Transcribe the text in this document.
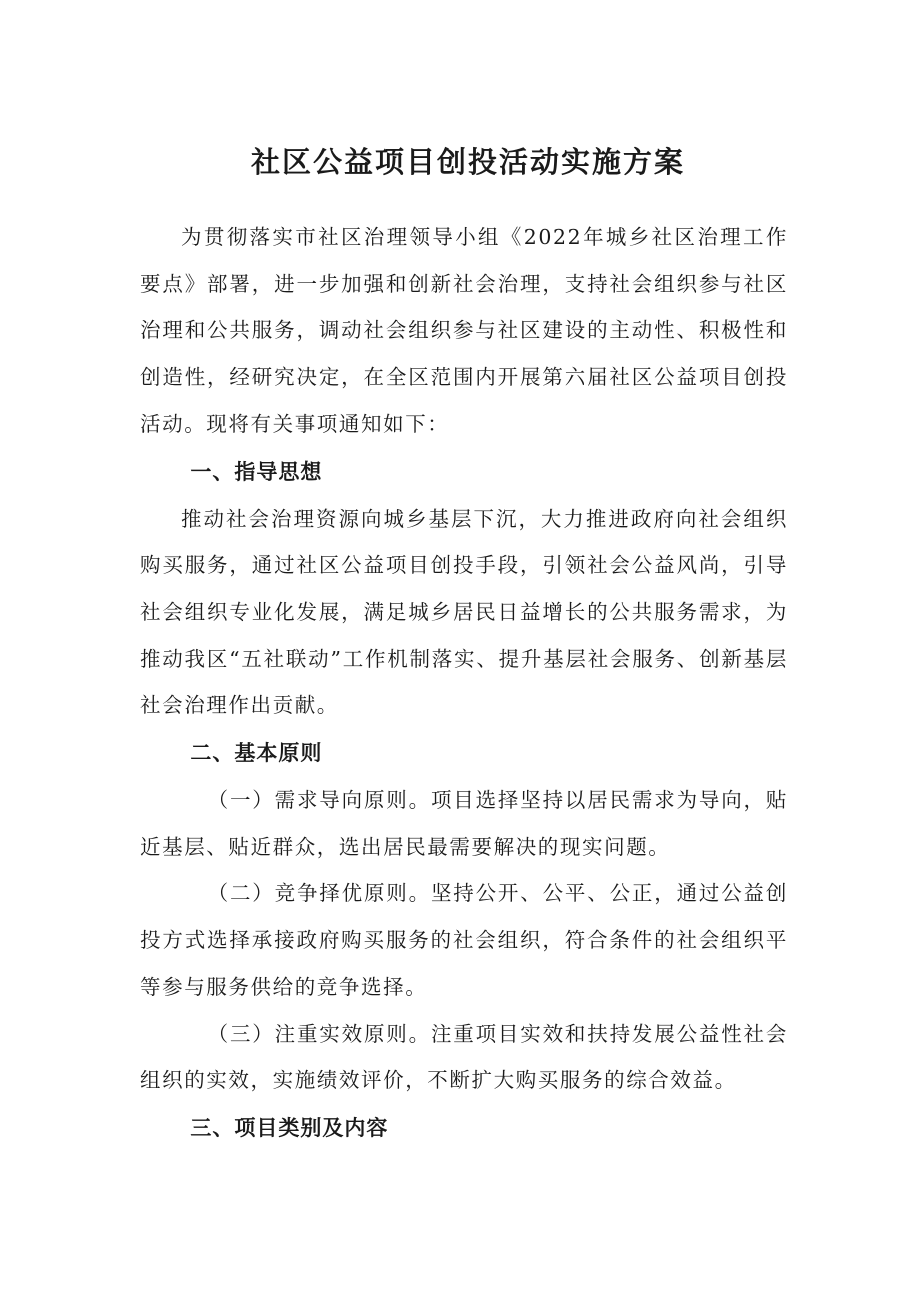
社区公益项目创投活动实施方案

为贯彻落实市社区治理领导小组《2022年城乡社区治理工作要点》部署，进一步加强和创新社会治理，支持社会组织参与社区治理和公共服务，调动社会组织参与社区建设的主动性、积极性和创造性，经研究决定，在全区范围内开展第六届社区公益项目创投活动。现将有关事项通知如下：

一、指导思想

推动社会治理资源向城乡基层下沉，大力推进政府向社会组织购买服务，通过社区公益项目创投手段，引领社会公益风尚，引导社会组织专业化发展，满足城乡居民日益增长的公共服务需求，为推动我区“五社联动”工作机制落实、提升基层社会服务、创新基层社会治理作出贡献。

二、基本原则

（一）需求导向原则。项目选择坚持以居民需求为导向，贴近基层、贴近群众，选出居民最需要解决的现实问题。

（二）竞争择优原则。坚持公开、公平、公正，通过公益创投方式选择承接政府购买服务的社会组织，符合条件的社会组织平等参与服务供给的竞争选择。

（三）注重实效原则。注重项目实效和扶持发展公益性社会组织的实效，实施绩效评价，不断扩大购买服务的综合效益。

三、项目类别及内容
